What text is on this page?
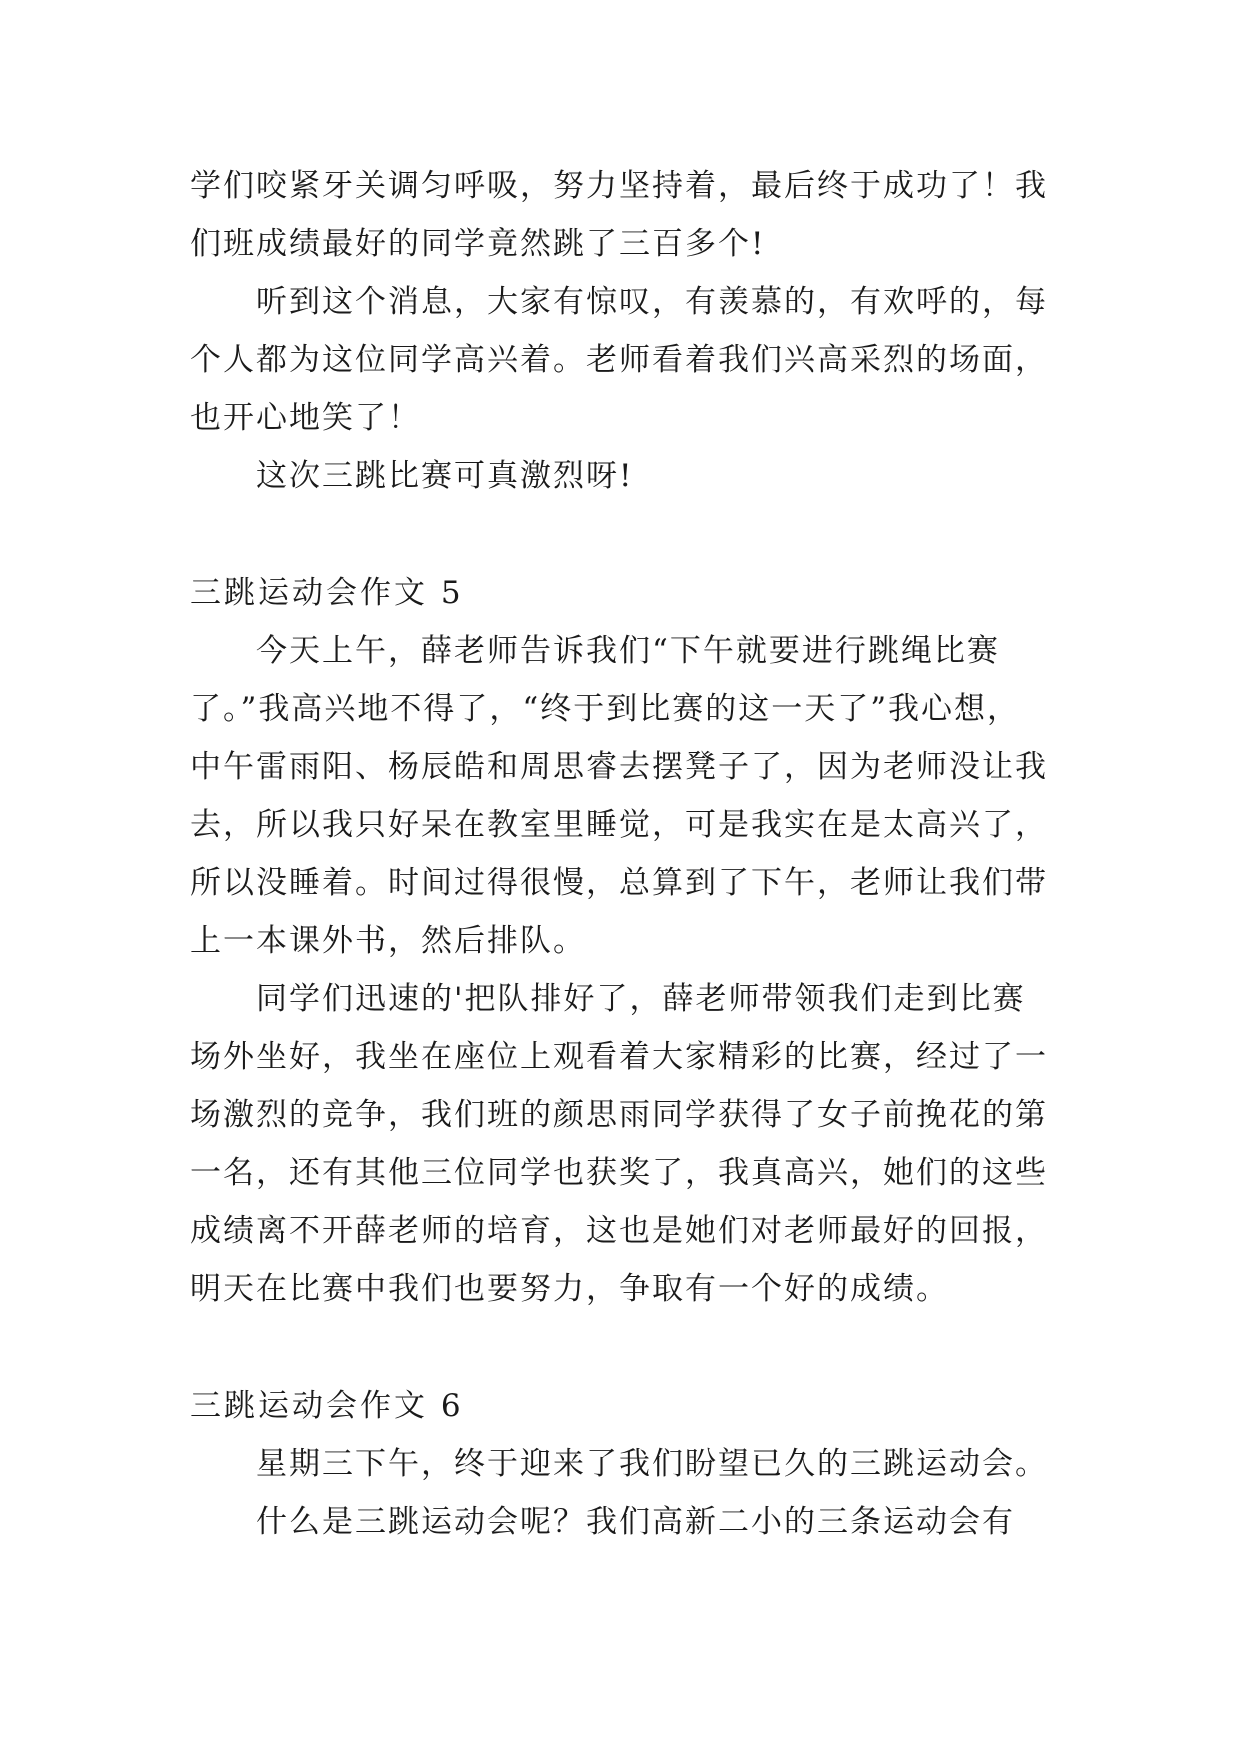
学们咬紧牙关调匀呼吸，努力坚持着，最后终于成功了！我
们班成绩最好的同学竟然跳了三百多个!
听到这个消息，大家有惊叹，有羡慕的，有欢呼的，每
个人都为这位同学高兴着。老师看着我们兴高采烈的场面，
也开心地笑了！
这次三跳比赛可真激烈呀!
三跳运动会作文 5
今天上午，薛老师告诉我们“下午就要进行跳绳比赛
了。”我高兴地不得了，“终于到比赛的这一天了”我心想，
中午雷雨阳、杨辰皓和周思睿去摆凳子了，因为老师没让我
去，所以我只好呆在教室里睡觉，可是我实在是太高兴了，
所以没睡着。时间过得很慢，总算到了下午，老师让我们带
上一本课外书，然后排队。
同学们迅速的'把队排好了，薛老师带领我们走到比赛
场外坐好，我坐在座位上观看着大家精彩的比赛，经过了一
场激烈的竞争，我们班的颜思雨同学获得了女子前挽花的第
一名，还有其他三位同学也获奖了，我真高兴，她们的这些
成绩离不开薛老师的培育，这也是她们对老师最好的回报，
明天在比赛中我们也要努力，争取有一个好的成绩。
三跳运动会作文 6
星期三下午，终于迎来了我们盼望已久的三跳运动会。
什么是三跳运动会呢？我们高新二小的三条运动会有
